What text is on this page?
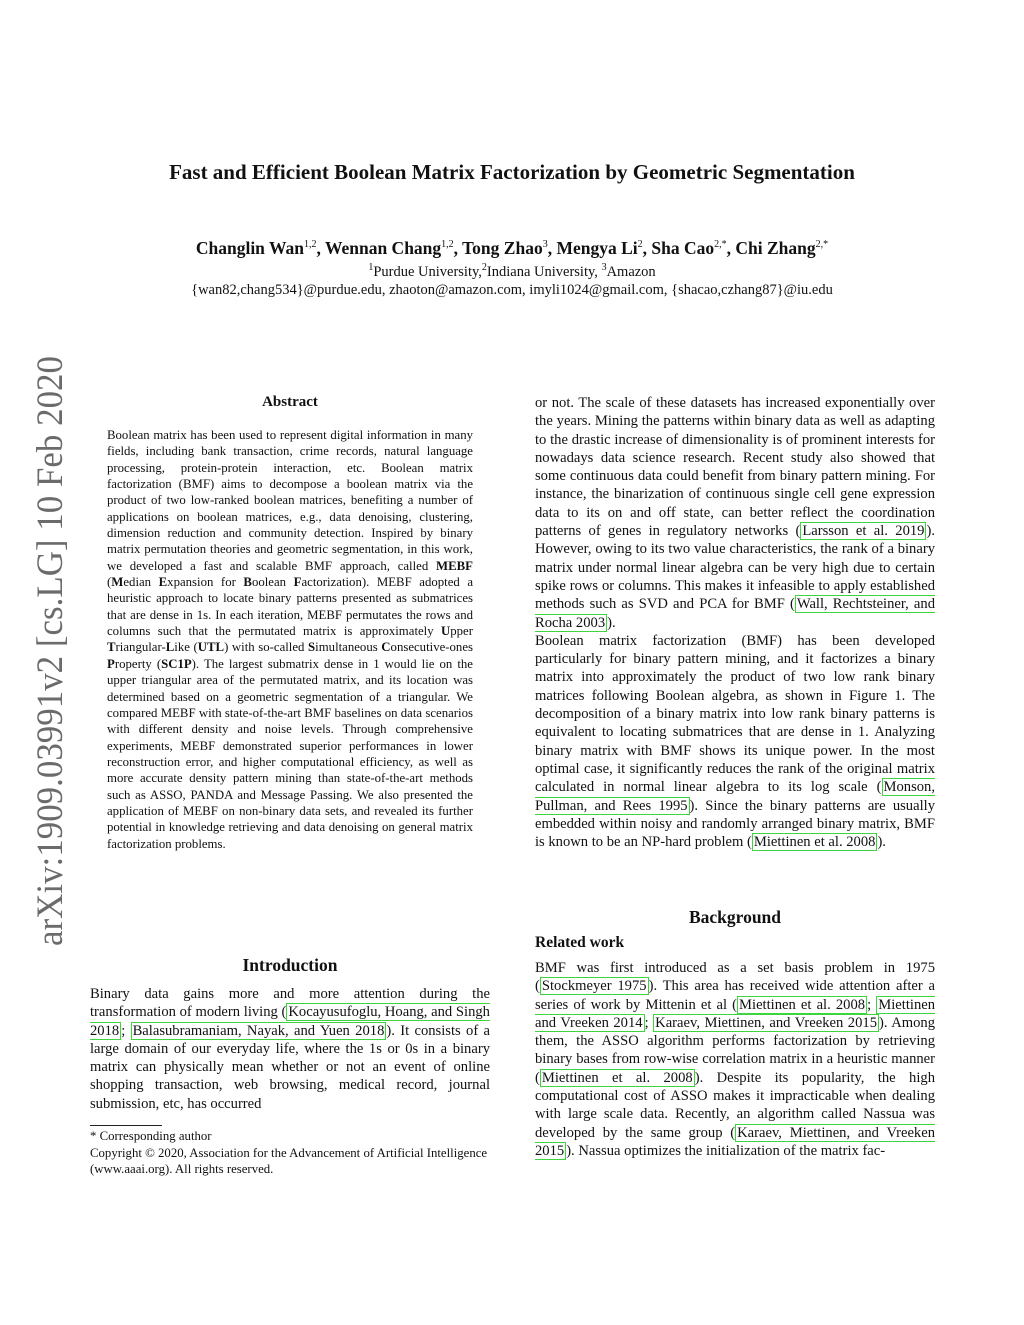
arXiv:1909.03991v2 [cs.LG] 10 Feb 2020
Fast and Efficient Boolean Matrix Factorization by Geometric Segmentation
Changlin Wan$^{1,2}$, Wennan Chang$^{1,2}$, Tong Zhao$^3$, Mengya Li$^2$, Sha Cao$^{2,*}$, Chi Zhang$^{2,*}$
$^1$Purdue University,$^2$Indiana University, $^3$Amazon
{wan82,chang534}@purdue.edu, zhaoton@amazon.com, imyli1024@gmail.com, {shacao,czhang87}@iu.edu
Abstract
Boolean matrix has been used to represent digital information in many fields, including bank transaction, crime records, natural language processing, protein-protein interaction, etc. Boolean matrix factorization (BMF) aims to decompose a boolean matrix via the product of two low-ranked boolean matrices, benefiting a number of applications on boolean matrices, e.g., data denoising, clustering, dimension reduction and community detection. Inspired by binary matrix permutation theories and geometric segmentation, in this work, we developed a fast and scalable BMF approach, called MEBF (Median Expansion for Boolean Factorization). MEBF adopted a heuristic approach to locate binary patterns presented as submatrices that are dense in 1s. In each iteration, MEBF permutates the rows and columns such that the permutated matrix is approximately Upper Triangular-Like (UTL) with so-called Simultaneous Consecutive-ones Property (SC1P). The largest submatrix dense in 1 would lie on the upper triangular area of the permutated matrix, and its location was determined based on a geometric segmentation of a triangular. We compared MEBF with state-of-the-art BMF baselines on data scenarios with different density and noise levels. Through comprehensive experiments, MEBF demonstrated superior performances in lower reconstruction error, and higher computational efficiency, as well as more accurate density pattern mining than state-of-the-art methods such as ASSO, PANDA and Message Passing. We also presented the application of MEBF on non-binary data sets, and revealed its further potential in knowledge retrieving and data denoising on general matrix factorization problems.
Introduction
Binary data gains more and more attention during the transformation of modern living ( Kocayusufoglu, Hoang, and Singh 2018 ; Balasubramaniam, Nayak, and Yuen 2018 ). It consists of a large domain of our everyday life, where the 1s or 0s in a binary matrix can physically mean whether or not an event of online shopping transaction, web browsing, medical record, journal submission, etc, has occurred
* Corresponding author
Copyright © 2020, Association for the Advancement of Artificial Intelligence (www.aaai.org). All rights reserved.

or not. The scale of these datasets has increased exponentially over the years. Mining the patterns within binary data as well as adapting to the drastic increase of dimensionality is of prominent interests for nowadays data science research. Recent study also showed that some continuous data could benefit from binary pattern mining. For instance, the binarization of continuous single cell gene expression data to its on and off state, can better reflect the coordination patterns of genes in regulatory networks ( Larsson et al. 2019 ). However, owing to its two value characteristics, the rank of a binary matrix under normal linear algebra can be very high due to certain spike rows or columns. This makes it infeasible to apply established methods such as SVD and PCA for BMF ( Wall, Rechtsteiner, and Rocha 2003 ).

Boolean matrix factorization (BMF) has been developed particularly for binary pattern mining, and it factorizes a binary matrix into approximately the product of two low rank binary matrices following Boolean algebra, as shown in Figure 1. The decomposition of a binary matrix into low rank binary patterns is equivalent to locating submatrices that are dense in 1. Analyzing binary matrix with BMF shows its unique power. In the most optimal case, it significantly reduces the rank of the original matrix calculated in normal linear algebra to its log scale ( Monson, Pullman, and Rees 1995 ). Since the binary patterns are usually embedded within noisy and randomly arranged binary matrix, BMF is known to be an NP-hard problem ( Miettinen et al. 2008 ).

Background
Related work
BMF was first introduced as a set basis problem in 1975 ( Stockmeyer 1975 ). This area has received wide attention after a series of work by Mittenin et al ( Miettinen et al. 2008 ; Miettinen and Vreeken 2014 ; Karaev, Miettinen, and Vreeken 2015 ). Among them, the ASSO algorithm performs factorization by retrieving binary bases from row-wise correlation matrix in a heuristic manner ( Miettinen et al. 2008 ). Despite its popularity, the high computational cost of ASSO makes it impracticable when dealing with large scale data. Recently, an algorithm called Nassua was developed by the same group ( Karaev, Miettinen, and Vreeken 2015 ). Nassua optimizes the initialization of the matrix fac-
